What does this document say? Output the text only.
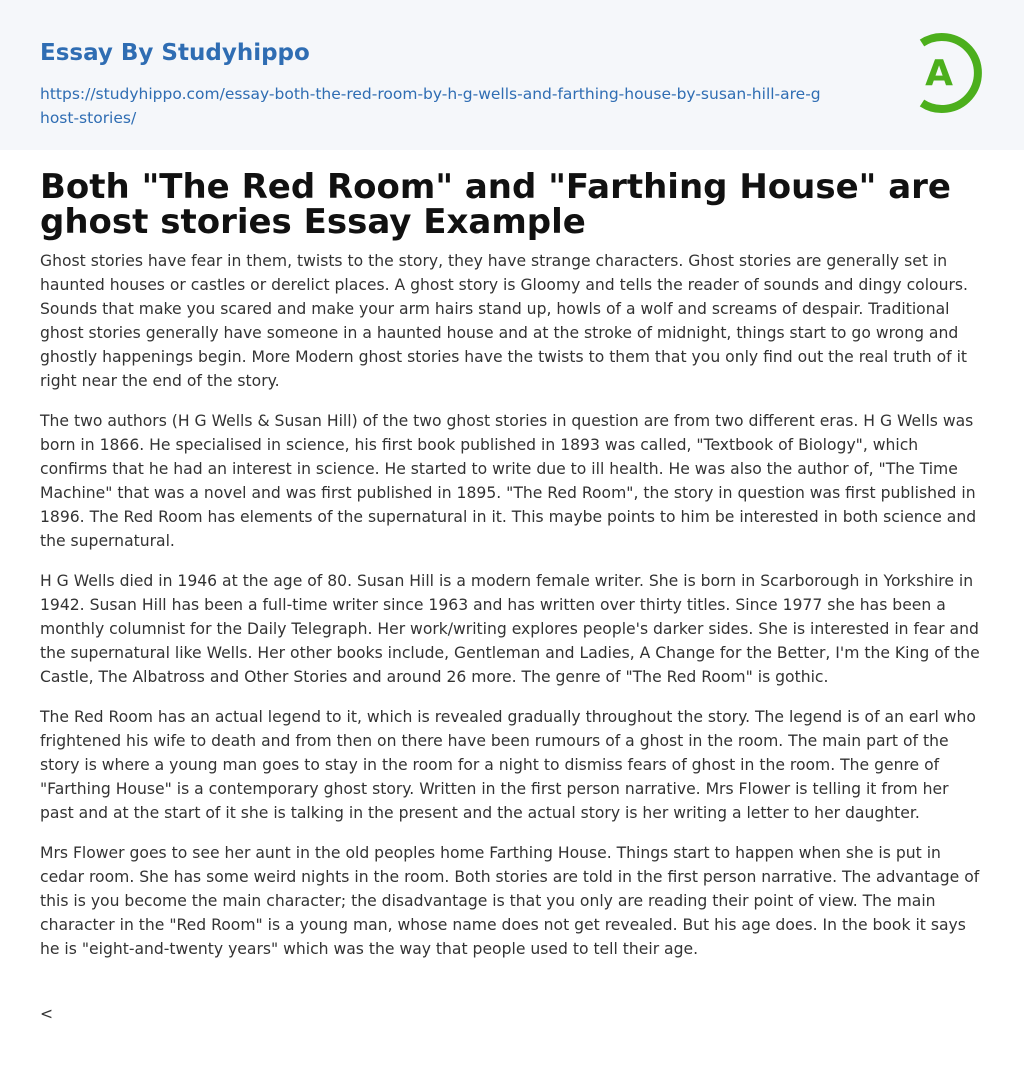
Essay By Studyhippo
https://studyhippo.com/essay-both-the-red-room-by-h-g-wells-and-farthing-house-by-susan-hill-are-ghost-stories/
A
Both "The Red Room" and "Farthing House" are ghost stories Essay Example

Ghost stories have fear in them, twists to the story, they have strange characters. Ghost stories are generally set in haunted houses or castles or derelict places. A ghost story is Gloomy and tells the reader of sounds and dingy colours. Sounds that make you scared and make your arm hairs stand up, howls of a wolf and screams of despair. Traditional ghost stories generally have someone in a haunted house and at the stroke of midnight, things start to go wrong and ghostly happenings begin. More Modern ghost stories have the twists to them that you only find out the real truth of it right near the end of the story.

The two authors (H G Wells & Susan Hill) of the two ghost stories in question are from two different eras. H G Wells was born in 1866. He specialised in science, his first book published in 1893 was called, "Textbook of Biology", which confirms that he had an interest in science. He started to write due to ill health. He was also the author of, "The Time Machine" that was a novel and was first published in 1895. "The Red Room", the story in question was first published in 1896. The Red Room has elements of the supernatural in it. This maybe points to him be interested in both science and the supernatural.

H G Wells died in 1946 at the age of 80. Susan Hill is a modern female writer. She is born in Scarborough in Yorkshire in 1942. Susan Hill has been a full-time writer since 1963 and has written over thirty titles. Since 1977 she has been a monthly columnist for the Daily Telegraph. Her work/writing explores people's darker sides. She is interested in fear and the supernatural like Wells. Her other books include, Gentleman and Ladies, A Change for the Better, I'm the King of the Castle, The Albatross and Other Stories and around 26 more. The genre of "The Red Room" is gothic.

The Red Room has an actual legend to it, which is revealed gradually throughout the story. The legend is of an earl who frightened his wife to death and from then on there have been rumours of a ghost in the room. The main part of the story is where a young man goes to stay in the room for a night to dismiss fears of ghost in the room. The genre of "Farthing House" is a contemporary ghost story. Written in the first person narrative. Mrs Flower is telling it from her past and at the start of it she is talking in the present and the actual story is her writing a letter to her daughter.

Mrs Flower goes to see her aunt in the old peoples home Farthing House. Things start to happen when she is put in cedar room. She has some weird nights in the room. Both stories are told in the first person narrative. The advantage of this is you become the main character; the disadvantage is that you only are reading their point of view. The main character in the "Red Room" is a young man, whose name does not get revealed. But his age does. In the book it says he is "eight-and-twenty years" which was the way that people used to tell their age.

<
